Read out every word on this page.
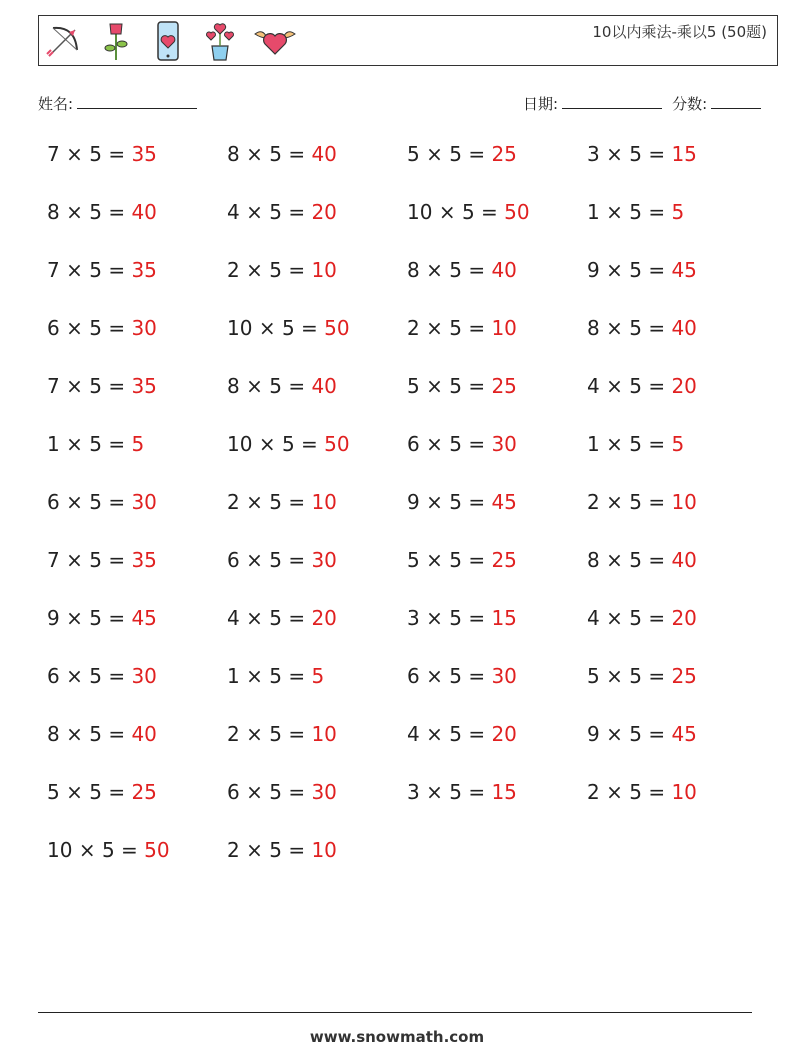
10以内乘法-乘以5 (50题)
姓名:	日期:	分数:
7 × 5 = 35	8 × 5 = 40	5 × 5 = 25	3 × 5 = 15
8 × 5 = 40	4 × 5 = 20	10 × 5 = 50	1 × 5 = 5
7 × 5 = 35	2 × 5 = 10	8 × 5 = 40	9 × 5 = 45
6 × 5 = 30	10 × 5 = 50	2 × 5 = 10	8 × 5 = 40
7 × 5 = 35	8 × 5 = 40	5 × 5 = 25	4 × 5 = 20
1 × 5 = 5	10 × 5 = 50	6 × 5 = 30	1 × 5 = 5
6 × 5 = 30	2 × 5 = 10	9 × 5 = 45	2 × 5 = 10
7 × 5 = 35	6 × 5 = 30	5 × 5 = 25	8 × 5 = 40
9 × 5 = 45	4 × 5 = 20	3 × 5 = 15	4 × 5 = 20
6 × 5 = 30	1 × 5 = 5	6 × 5 = 30	5 × 5 = 25
8 × 5 = 40	2 × 5 = 10	4 × 5 = 20	9 × 5 = 45
5 × 5 = 25	6 × 5 = 30	3 × 5 = 15	2 × 5 = 10
10 × 5 = 50	2 × 5 = 10
www.snowmath.com
